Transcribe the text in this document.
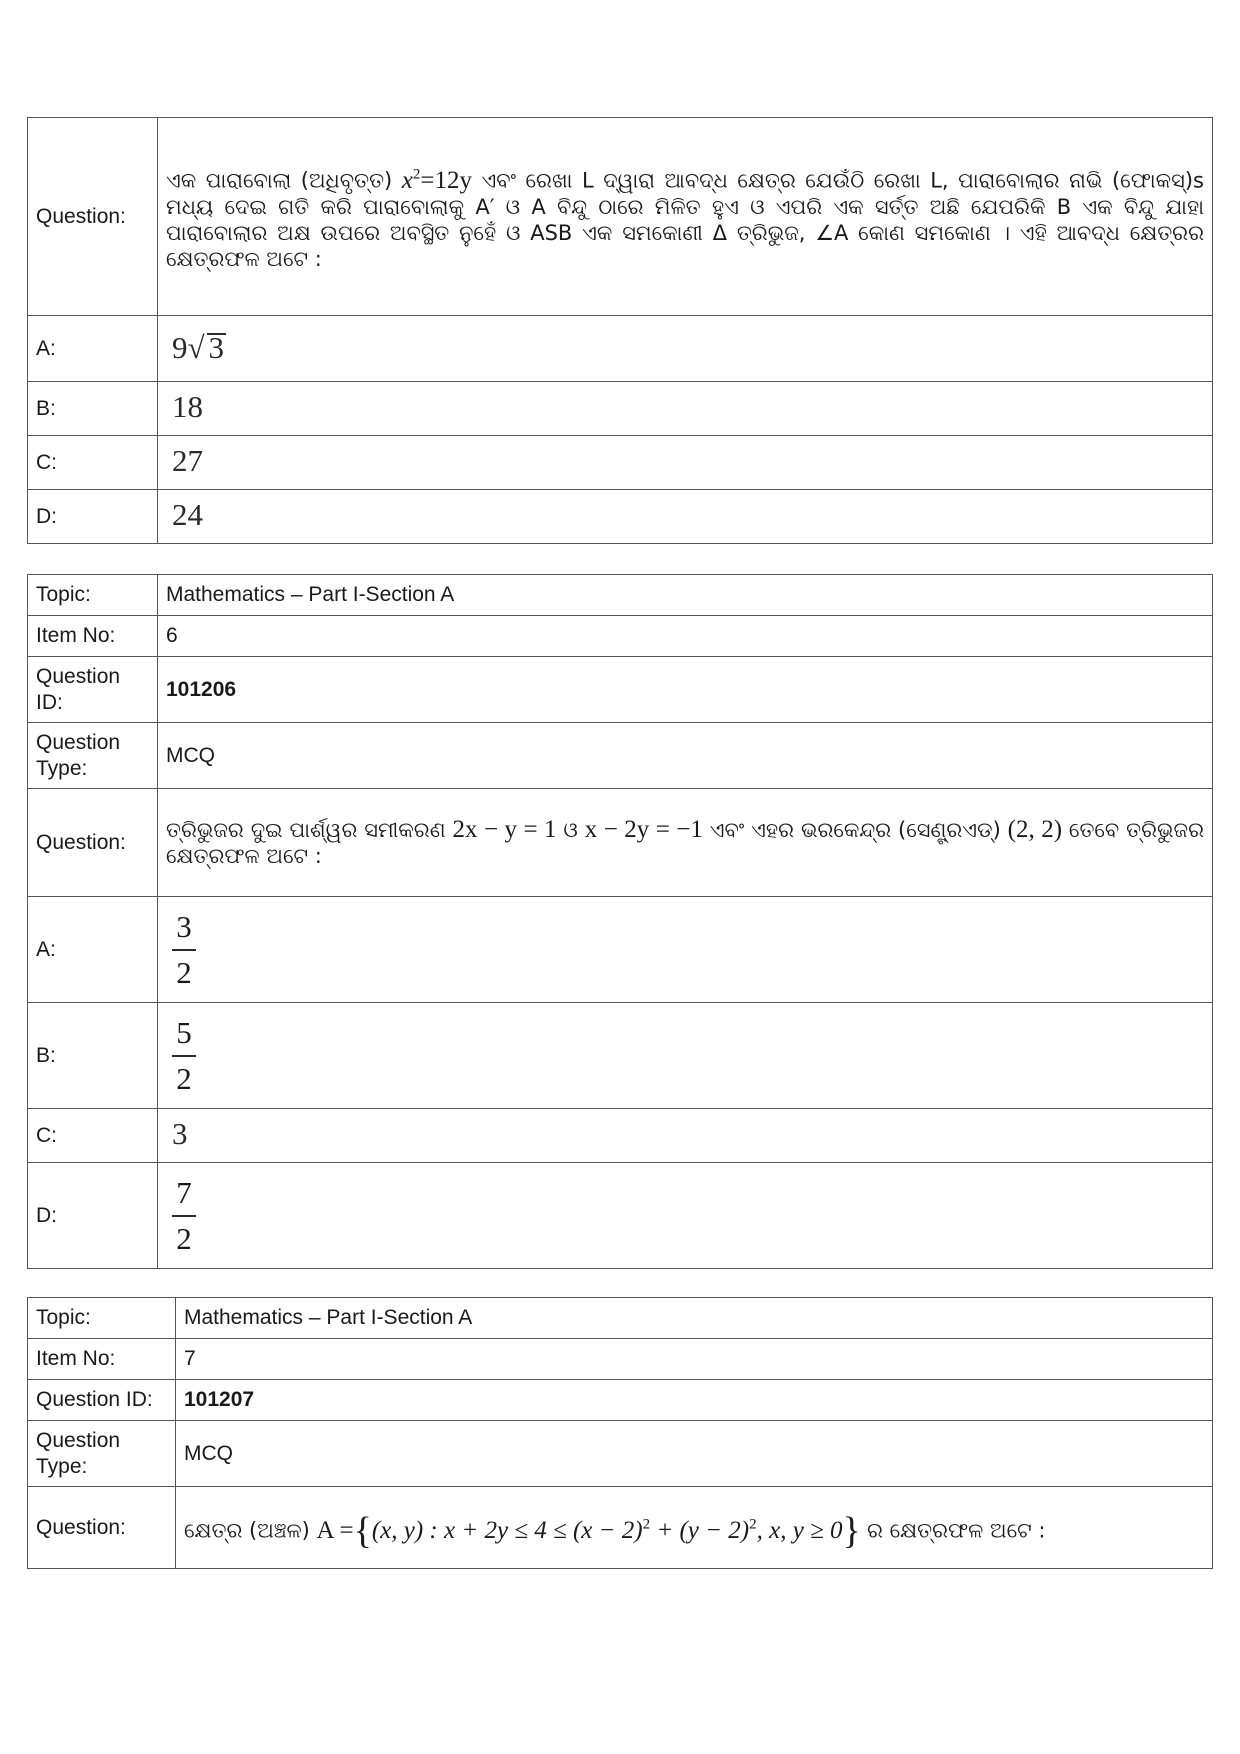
Question:	ଏକ ପାରାବୋଲା (ଅଧିବୃତ୍ତ) $x^2=12y$ ଏବଂ ରେଖା L ଦ୍ୱାରା ଆବଦ୍ଧ କ୍ଷେତ୍ର ଯେଉଁଠି ରେଖା L, ପାରାବୋଲାର ନାଭି (ଫୋକସ୍)s ମଧ୍ୟ ଦେଇ ଗତି କରି ପାରାବୋଲାକୁ A′ ଓ A ବିନ୍ଦୁ ଠାରେ ମିଳିତ ହୁଏ ଓ ଏପରି ଏକ ସର୍ତ୍ତ ଅଛି ଯେପରିକି B ଏକ ବିନ୍ଦୁ ଯାହା ପାରାବୋଲାର ଅକ୍ଷ ଉପରେ ଅବସ୍ଥିତ ନୁହେଁ ଓ ASB ଏକ ସମକୋଣୀ Δ ତ୍ରିଭୁଜ, ∠A କୋଣ ସମକୋଣ । ଏହି ଆବଦ୍ଧ କ୍ଷେତ୍ରର କ୍ଷେତ୍ରଫଳ ଅଟେ :
A:	9√ 3
B:	18
C:	27
D:	24
Topic:	Mathematics – Part I-Section A
Item No:	6
Question ID:	101206
Question Type:	MCQ
Question:	ତ୍ରିଭୁଜର ଦୁଇ ପାର୍ଶ୍ୱର ସମୀକରଣ 2x − y = 1 ଓ x − 2y = −1 ଏବଂ ଏହର ଭରକେନ୍ଦ୍ର (ସେଣ୍ଟ୍ରଏଡ୍) (2, 2) ତେବେ ତ୍ରିଭୁଜର କ୍ଷେତ୍ରଫଳ ଅଟେ :
A:	$\frac{3}{2}$

B:	$\frac{5}{2}$

C:	3
D:	$\frac{7}{2}$
Topic:	Mathematics – Part I-Section A
Item No:	7
Question ID:	101207
Question Type:	MCQ
Question:	କ୍ଷେତ୍ର (ଅଞ୍ଚଳ) A ={(x, y) : $x + 2y \le 4 \le (x - 2)^2 + (y - 2)^2$, x, y ≥ 0} ର କ୍ଷେତ୍ରଫଳ ଅଟେ :
